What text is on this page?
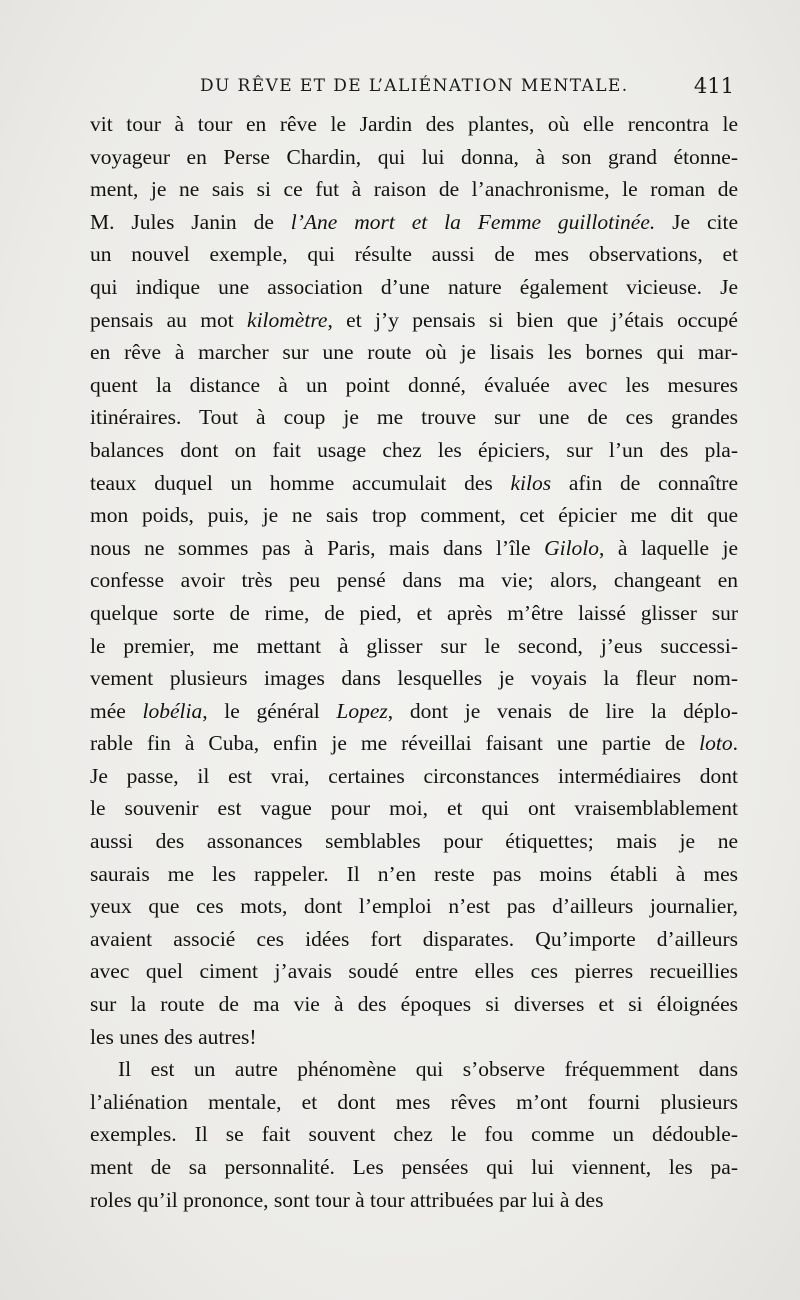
DU RÊVE ET DE L’ALIÉNATION MENTALE.	411
vit tour à tour en rêve le Jardin des plantes, où elle rencontra le
voyageur en Perse Chardin, qui lui donna, à son grand étonne-
ment, je ne sais si ce fut à raison de l’anachronisme, le roman de
M. Jules Janin de l’Ane mort et la Femme guillotinée. Je cite
un nouvel exemple, qui résulte aussi de mes observations, et
qui indique une association d’une nature également vicieuse. Je
pensais au mot kilomètre, et j’y pensais si bien que j’étais occupé
en rêve à marcher sur une route où je lisais les bornes qui mar-
quent la distance à un point donné, évaluée avec les mesures
itinéraires. Tout à coup je me trouve sur une de ces grandes
balances dont on fait usage chez les épiciers, sur l’un des pla-
teaux duquel un homme accumulait des kilos afin de connaître
mon poids, puis, je ne sais trop comment, cet épicier me dit que
nous ne sommes pas à Paris, mais dans l’île Gilolo, à laquelle je
confesse avoir très peu pensé dans ma vie; alors, changeant en
quelque sorte de rime, de pied, et après m’être laissé glisser sur
le premier, me mettant à glisser sur le second, j’eus successi-
vement plusieurs images dans lesquelles je voyais la fleur nom-
mée lobélia, le général Lopez, dont je venais de lire la déplo-
rable fin à Cuba, enfin je me réveillai faisant une partie de loto.
Je passe, il est vrai, certaines circonstances intermédiaires dont
le souvenir est vague pour moi, et qui ont vraisemblablement
aussi des assonances semblables pour étiquettes; mais je ne
saurais me les rappeler. Il n’en reste pas moins établi à mes
yeux que ces mots, dont l’emploi n’est pas d’ailleurs journalier,
avaient associé ces idées fort disparates. Qu’importe d’ailleurs
avec quel ciment j’avais soudé entre elles ces pierres recueillies
sur la route de ma vie à des époques si diverses et si éloignées
les unes des autres!
Il est un autre phénomène qui s’observe fréquemment dans
l’aliénation mentale, et dont mes rêves m’ont fourni plusieurs
exemples. Il se fait souvent chez le fou comme un dédouble-
ment de sa personnalité. Les pensées qui lui viennent, les pa-
roles qu’il prononce, sont tour à tour attribuées par lui à des
